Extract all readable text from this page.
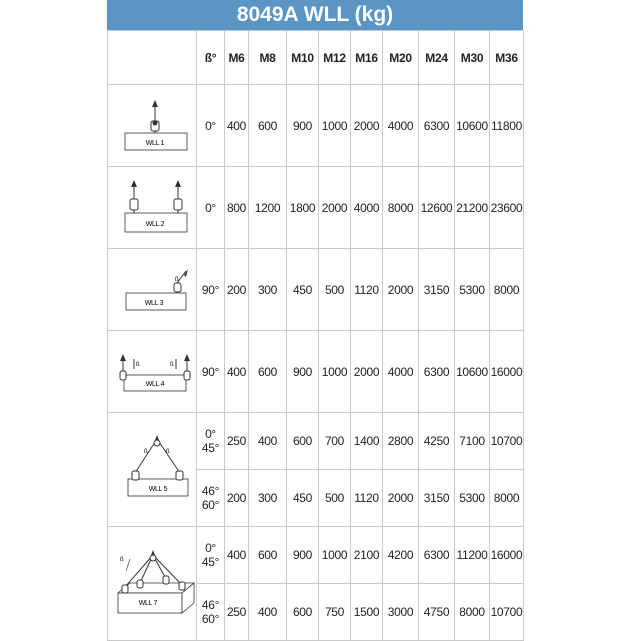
8049A WLL (kg)
	ß°	M6	M8	M10	M12	M16	M20	M24	M30	M36

WLL 1	0°	400	600	900	1000	2000	4000	6300	10600	11800

WLL 2	0°	800	1200	1800	2000	4000	8000	12600	21200	23600

ß
WLL 3	90°	200	300	450	500	1120	2000	3150	5300	8000

ß ß
WLL 4	90°	400	600	900	1000	2000	4000	6300	10600	16000

ß ß
WLL 5	0°
45°	250	400	600	700	1400	2800	4250	7100	10700
	46°
60°	200	300	450	500	1120	2000	3150	5300	8000

ß
WLL 7	0°
45°	400	600	900	1000	2100	4200	6300	11200	16000
	46°
60°	250	400	600	750	1500	3000	4750	8000	10700
